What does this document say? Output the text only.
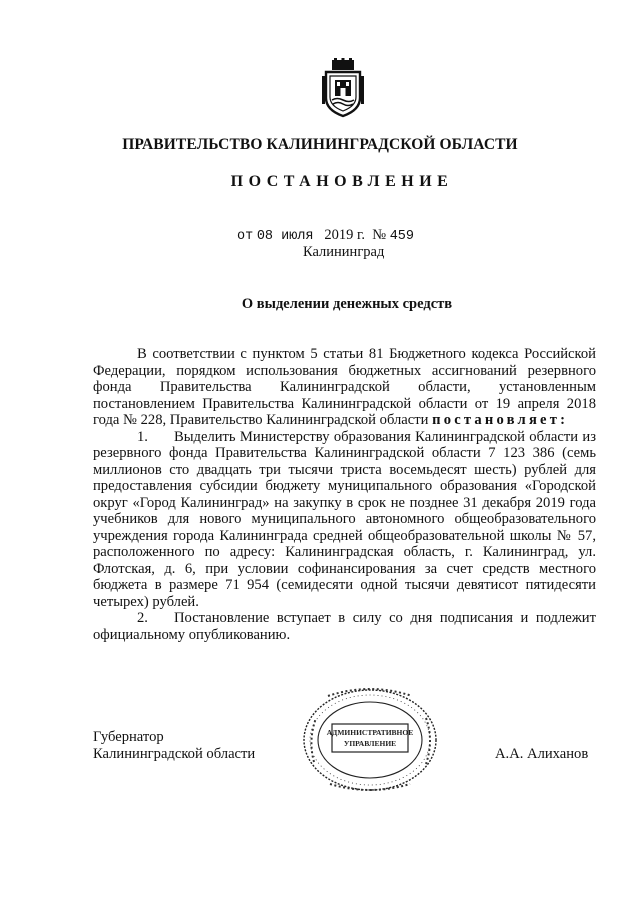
ПРАВИТЕЛЬСТВО КАЛИНИНГРАДСКОЙ ОБЛАСТИ
ПОСТАНОВЛЕНИЕ
от 08 июля 2019 г. № 459
Калининград
О выделении денежных средств

В соответствии с пунктом 5 статьи 81 Бюджетного кодекса Российской Федерации, порядком использования бюджетных ассигнований резервного фонда Правительства Калининградской области, установленным постановлением Правительства Калининградской области от 19 апреля 2018 года № 228, Правительство Калининградской области постановляет:

1. Выделить Министерству образования Калининградской области из резервного фонда Правительства Калининградской области 7 123 386 (семь миллионов сто двадцать три тысячи триста восемьдесят шесть) рублей для предоставления субсидии бюджету муниципального образования «Городской округ «Город Калининград» на закупку в срок не позднее 31 декабря 2019 года учебников для нового муниципального автономного общеобразовательного учреждения города Калининграда средней общеобразовательной школы № 57, расположенного по адресу: Калининградская область, г. Калининград, ул. Флотская, д. 6, при условии софинансирования за счет средств местного бюджета в размере 71 954 (семидесяти одной тысячи девятисот пятидесяти четырех) рублей.

2. Постановление вступает в силу со дня подписания и подлежит официальному опубликованию.

Губернатор
Калининградской области
АДМИНИСТРАТИВНОЕ
УПРАВЛЕНИЕ
А.А. Алиханов
